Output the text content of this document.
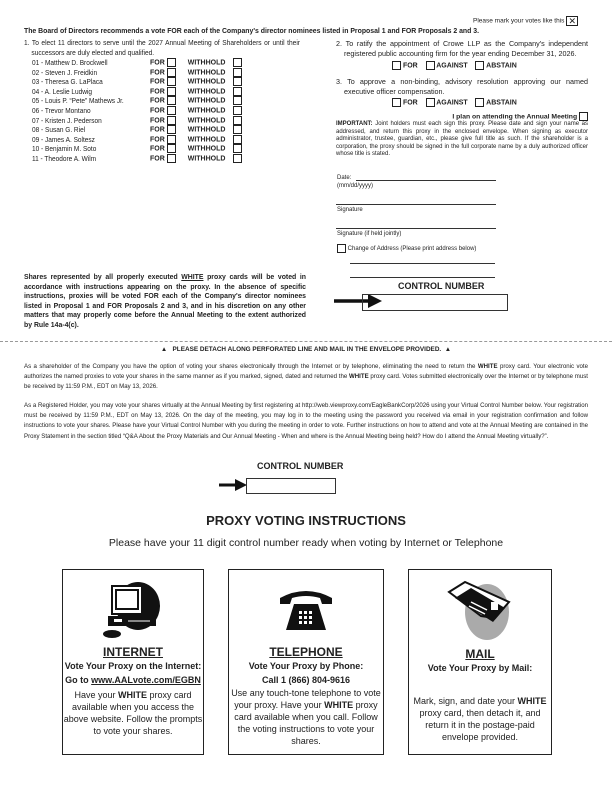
Please mark your votes like this ✕
The Board of Directors recommends a vote FOR each of the Company's director nominees listed in Proposal 1 and FOR Proposals 2 and 3.
1. To elect 11 directors to serve until the 2027 Annual Meeting of Shareholders or until their successors are duly elected and qualified.
01 - Matthew D. Brockwell	FOR	WITHHOLD
02 - Steven J. Freidkin	FOR	WITHHOLD
03 - Theresa G. LaPlaca	FOR	WITHHOLD
04 - A. Leslie Ludwig	FOR	WITHHOLD
05 - Louis P. “Pete” Mathews Jr.	FOR	WITHHOLD
06 - Trevor Montano	FOR	WITHHOLD
07 - Kristen J. Pederson	FOR	WITHHOLD
08 - Susan G. Riel	FOR	WITHHOLD
09 - James A. Soltesz	FOR	WITHHOLD
10 - Benjamin M. Soto	FOR	WITHHOLD
11 - Theodore A. Wilm	FOR	WITHHOLD
2. To ratify the appointment of Crowe LLP as the Company's independent registered public accounting firm for the year ending December 31, 2026.
FOR	AGAINST	ABSTAIN
3. To approve a non-binding, advisory resolution approving our named executive officer compensation.
FOR	AGAINST	ABSTAIN
I plan on attending the Annual Meeting
IMPORTANT: Joint holders must each sign this proxy. Please date and sign your name as addressed, and return this proxy in the enclosed envelope. When signing as executor administrator, trustee, guardian, etc., please give full title as such. If the shareholder is a corporation, the proxy should be signed in the full corporate name by a duly authorized officer whose title is stated.
Date:
(mm/dd/yyyy)
Signature
Signature (if held jointly)
Change of Address (Please print address below)
Shares represented by all properly executed WHITE proxy cards will be voted in accordance with instructions appearing on the proxy. In the absence of specific instructions, proxies will be voted FOR each of the Company's director nominees listed in Proposal 1 and FOR Proposals 2 and 3, and in his discretion on any other matters that may properly come before the Annual Meeting to the extent authorized by Rule 14a-4(c).
CONTROL NUMBER
▲ PLEASE DETACH ALONG PERFORATED LINE AND MAIL IN THE ENVELOPE PROVIDED. ▲
As a shareholder of the Company you have the option of voting your shares electronically through the Internet or by telephone, eliminating the need to return the WHITE proxy card. Your electronic vote authorizes the named proxies to vote your shares in the same manner as if you marked, signed, dated and returned the WHITE proxy card. Votes submitted electronically over the Internet or by telephone must be received by 11:59 P.M., EDT on May 13, 2026.
As a Registered Holder, you may vote your shares virtually at the Annual Meeting by first registering at http://web.viewproxy.com/EagleBankCorp/2026 using your Virtual Control Number below. Your registration must be received by 11:59 P.M., EDT on May 13, 2026. On the day of the meeting, you may log in to the meeting using the password you received via email in your registration confirmation and follow instructions to vote your shares. Please have your Virtual Control Number with you during the meeting in order to vote. Further instructions on how to attend and vote at the Annual Meeting are contained in the Proxy Statement in the section titled “Q&A About the Proxy Materials and Our Annual Meeting - When and where is the Annual Meeting being held? How do I attend the Annual Meeting virtually?”.
CONTROL NUMBER
PROXY VOTING INSTRUCTIONS
Please have your 11 digit control number ready when voting by Internet or Telephone
INTERNET
Vote Your Proxy on the Internet:
Go to www.AALvote.com/EGBN

Have your WHITE proxy card available when you access the above website. Follow the prompts to vote your shares.

TELEPHONE
Vote Your Proxy by Phone:
Call 1 (866) 804-9616

Use any touch-tone telephone to vote your proxy. Have your WHITE proxy card available when you call. Follow the voting instructions to vote your shares.

MAIL
Vote Your Proxy by Mail:

Mark, sign, and date your WHITE proxy card, then detach it, and return it in the postage-paid envelope provided.
